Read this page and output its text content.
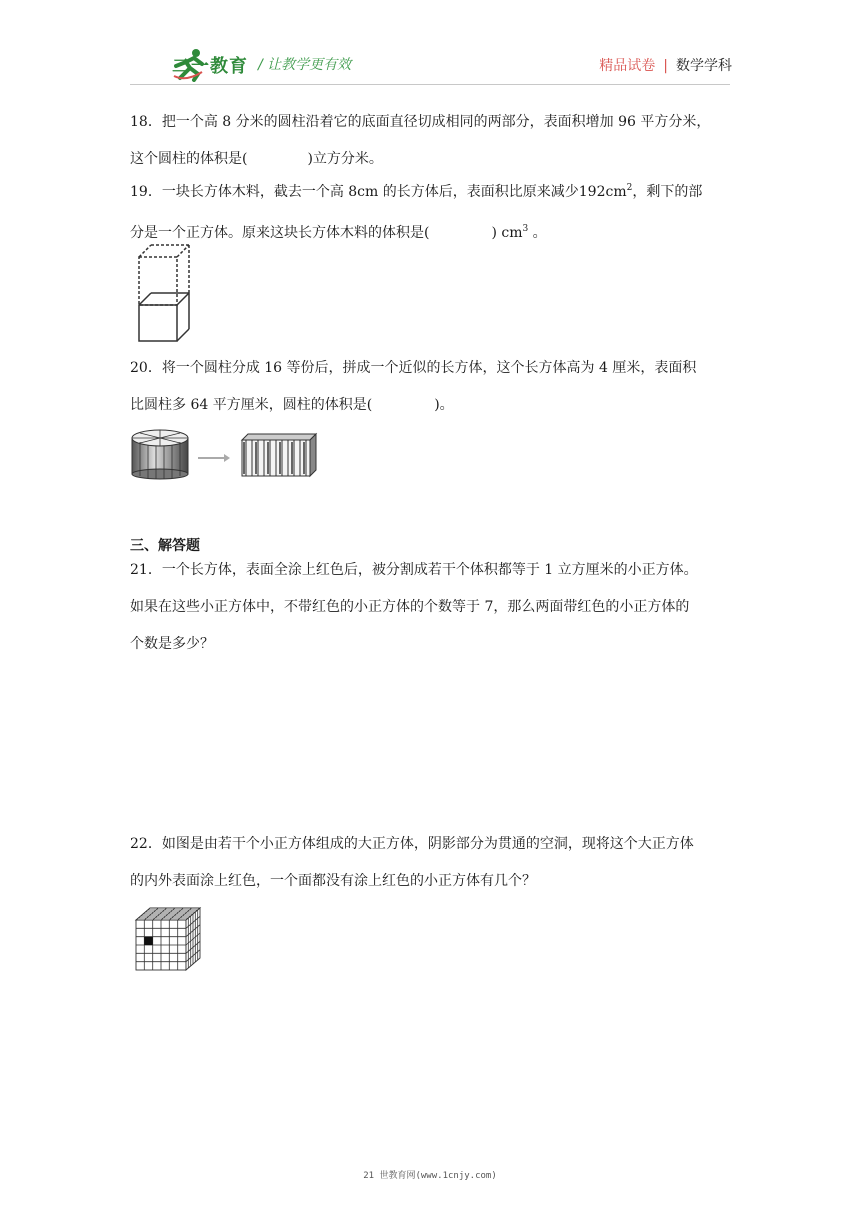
二一教育 / 让教学更有效	精品试卷 | 数学学科
18．把一个高 8 分米的圆柱沿着它的底面直径切成相同的两部分，表面积增加 96 平方分米，
这个圆柱的体积是(	)立方分米。
19．一块长方体木料，截去一个高 8cm 的长方体后，表面积比原来减少$192cm^2$，剩下的部
分是一个正方体。原来这块长方体木料的体积是(	) $cm^3$ 。
20．将一个圆柱分成 16 等份后，拼成一个近似的长方体，这个长方体高为 4 厘米，表面积
比圆柱多 64 平方厘米，圆柱的体积是(	)。
三、解答题
21．一个长方体，表面全涂上红色后，被分割成若干个体积都等于 1 立方厘米的小正方体。
如果在这些小正方体中，不带红色的小正方体的个数等于 7，那么两面带红色的小正方体的
个数是多少？
22．如图是由若干个小正方体组成的大正方体，阴影部分为贯通的空洞，现将这个大正方体
的内外表面涂上红色，一个面都没有涂上红色的小正方体有几个？
21 世教育网(www.1cnjy.com)
